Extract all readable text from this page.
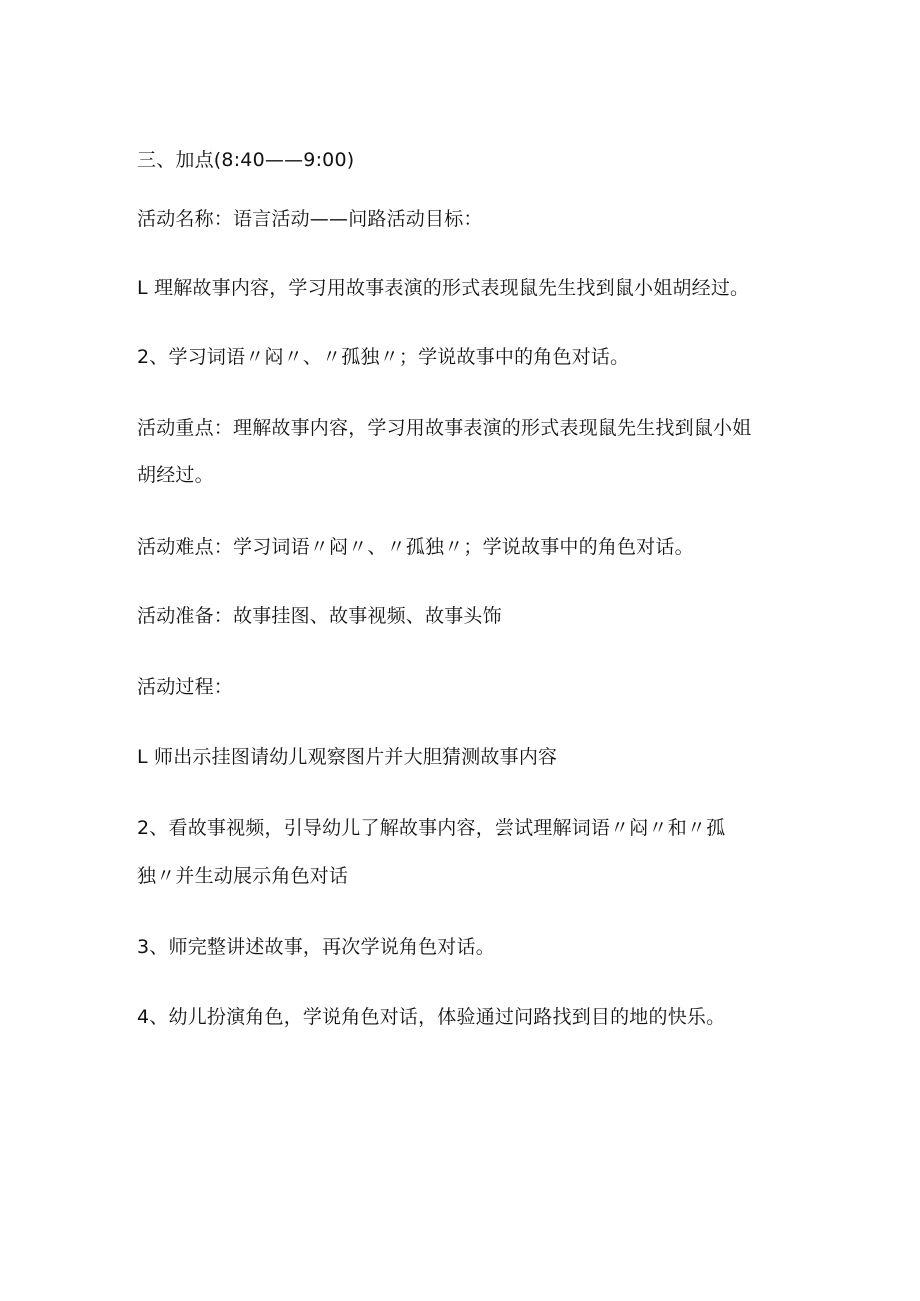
三、加点(8:40——9:00)
活动名称：语言活动——问路活动目标：
L 理解故事内容，学习用故事表演的形式表现鼠先生找到鼠小姐胡经过。
2、学习词语〃闷〃、〃孤独〃；学说故事中的角色对话。
活动重点：理解故事内容，学习用故事表演的形式表现鼠先生找到鼠小姐
胡经过。
活动难点：学习词语〃闷〃、〃孤独〃；学说故事中的角色对话。
活动准备：故事挂图、故事视频、故事头饰
活动过程：
L 师出示挂图请幼儿观察图片并大胆猜测故事内容
2、看故事视频，引导幼儿了解故事内容，尝试理解词语〃闷〃和〃孤
独〃并生动展示角色对话
3、师完整讲述故事，再次学说角色对话。
4、幼儿扮演角色，学说角色对话，体验通过问路找到目的地的快乐。
